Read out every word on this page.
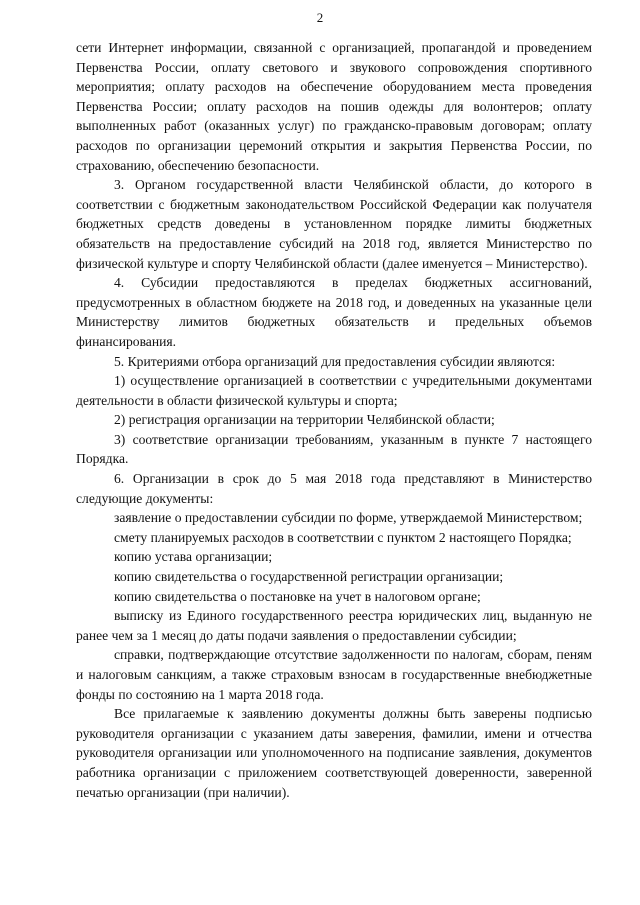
2

сети Интернет информации, связанной с организацией, пропагандой и проведением Первенства России, оплату светового и звукового сопровождения спортивного мероприятия; оплату расходов на обеспечение оборудованием места проведения Первенства России; оплату расходов на пошив одежды для волонтеров; оплату выполненных работ (оказанных услуг) по гражданско-правовым договорам; оплату расходов по организации церемоний открытия и закрытия Первенства России, по страхованию, обеспечению безопасности.

3. Органом государственной власти Челябинской области, до которого в соответствии с бюджетным законодательством Российской Федерации как получателя бюджетных средств доведены в установленном порядке лимиты бюджетных обязательств на предоставление субсидий на 2018 год, является Министерство по физической культуре и спорту Челябинской области (далее именуется – Министерство).

4. Субсидии предоставляются в пределах бюджетных ассигнований, предусмотренных в областном бюджете на 2018 год, и доведенных на указанные цели Министерству лимитов бюджетных обязательств и предельных объемов финансирования.

5. Критериями отбора организаций для предоставления субсидии являются:

1) осуществление организацией в соответствии с учредительными документами деятельности в области физической культуры и спорта;

2) регистрация организации на территории Челябинской области;

3) соответствие организации требованиям, указанным в пункте 7 настоящего Порядка.

6. Организации в срок до 5 мая 2018 года представляют в Министерство следующие документы:

заявление о предоставлении субсидии по форме, утверждаемой Министерством;

смету планируемых расходов в соответствии с пунктом 2 настоящего Порядка;

копию устава организации;

копию свидетельства о государственной регистрации организации;

копию свидетельства о постановке на учет в налоговом органе;

выписку из Единого государственного реестра юридических лиц, выданную не ранее чем за 1 месяц до даты подачи заявления о предоставлении субсидии;

справки, подтверждающие отсутствие задолженности по налогам, сборам, пеням и налоговым санкциям, а также страховым взносам в государственные внебюджетные фонды по состоянию на 1 марта 2018 года.

Все прилагаемые к заявлению документы должны быть заверены подписью руководителя организации с указанием даты заверения, фамилии, имени и отчества руководителя организации или уполномоченного на подписание заявления, документов работника организации с приложением соответствующей доверенности, заверенной печатью организации (при наличии).
